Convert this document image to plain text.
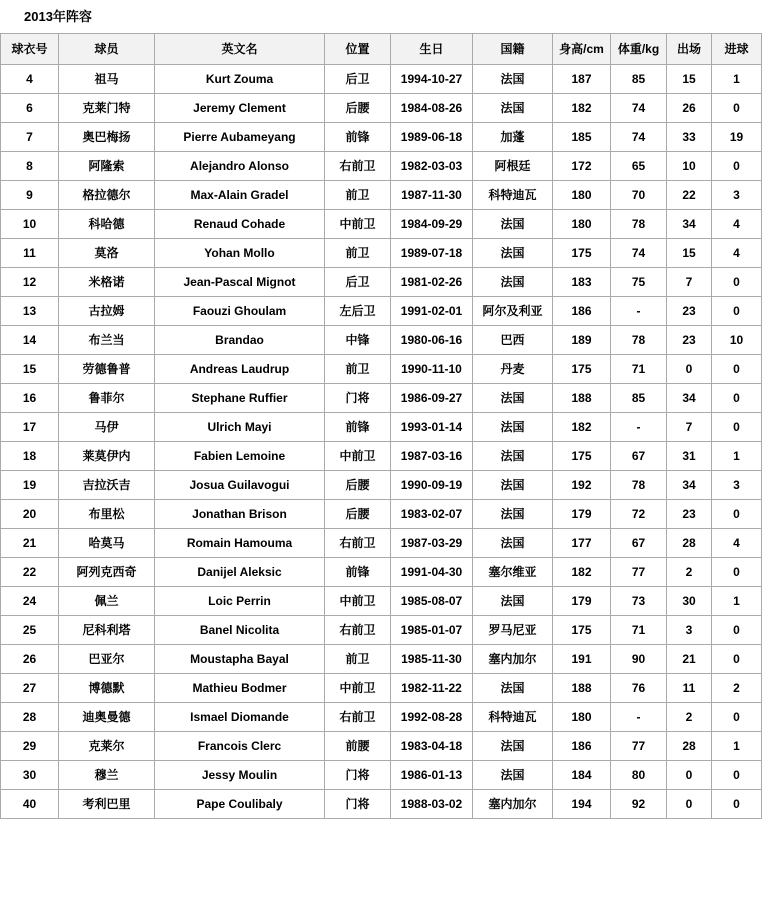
2013年阵容
球衣号	球员	英文名	位置	生日	国籍	身高/cm	体重/kg	出场	进球
4	祖马	Kurt Zouma	后卫	1994-10-27	法国	187	85	15	1
6	克莱门特	Jeremy Clement	后腰	1984-08-26	法国	182	74	26	0
7	奥巴梅扬	Pierre Aubameyang	前锋	1989-06-18	加蓬	185	74	33	19
8	阿隆索	Alejandro Alonso	右前卫	1982-03-03	阿根廷	172	65	10	0
9	格拉德尔	Max-Alain Gradel	前卫	1987-11-30	科特迪瓦	180	70	22	3
10	科哈德	Renaud Cohade	中前卫	1984-09-29	法国	180	78	34	4
11	莫洛	Yohan Mollo	前卫	1989-07-18	法国	175	74	15	4
12	米格诺	Jean-Pascal Mignot	后卫	1981-02-26	法国	183	75	7	0
13	古拉姆	Faouzi Ghoulam	左后卫	1991-02-01	阿尔及利亚	186	-	23	0
14	布兰当	Brandao	中锋	1980-06-16	巴西	189	78	23	10
15	劳德鲁普	Andreas Laudrup	前卫	1990-11-10	丹麦	175	71	0	0
16	鲁菲尔	Stephane Ruffier	门将	1986-09-27	法国	188	85	34	0
17	马伊	Ulrich Mayi	前锋	1993-01-14	法国	182	-	7	0
18	莱莫伊内	Fabien Lemoine	中前卫	1987-03-16	法国	175	67	31	1
19	吉拉沃吉	Josua Guilavogui	后腰	1990-09-19	法国	192	78	34	3
20	布里松	Jonathan Brison	后腰	1983-02-07	法国	179	72	23	0
21	哈莫马	Romain Hamouma	右前卫	1987-03-29	法国	177	67	28	4
22	阿列克西奇	Danijel Aleksic	前锋	1991-04-30	塞尔维亚	182	77	2	0
24	佩兰	Loic Perrin	中前卫	1985-08-07	法国	179	73	30	1
25	尼科利塔	Banel Nicolita	右前卫	1985-01-07	罗马尼亚	175	71	3	0
26	巴亚尔	Moustapha Bayal	前卫	1985-11-30	塞内加尔	191	90	21	0
27	博德默	Mathieu Bodmer	中前卫	1982-11-22	法国	188	76	11	2
28	迪奥曼德	Ismael Diomande	右前卫	1992-08-28	科特迪瓦	180	-	2	0
29	克莱尔	Francois Clerc	前腰	1983-04-18	法国	186	77	28	1
30	穆兰	Jessy Moulin	门将	1986-01-13	法国	184	80	0	0
40	考利巴里	Pape Coulibaly	门将	1988-03-02	塞内加尔	194	92	0	0
